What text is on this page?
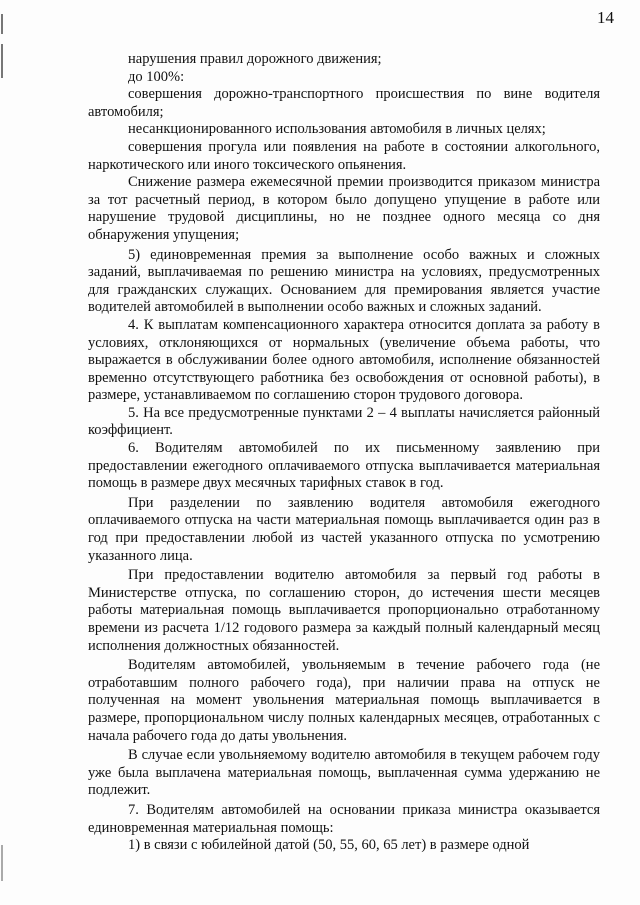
14

нарушения правил дорожного движения;

до 100%:

совершения дорожно-транспортного происшествия по вине водителя автомобиля;

несанкционированного использования автомобиля в личных целях;

совершения прогула или появления на работе в состоянии алкогольного, наркотического или иного токсического опьянения.

Снижение размера ежемесячной премии производится приказом министра за тот расчетный период, в котором было допущено упущение в работе или нарушение трудовой дисциплины, но не позднее одного месяца со дня обнаружения упущения;

5) единовременная премия за выполнение особо важных и сложных заданий, выплачиваемая по решению министра на условиях, предусмотренных для гражданских служащих. Основанием для премирования является участие водителей автомобилей в выполнении особо важных и сложных заданий.

4. К выплатам компенсационного характера относится доплата за работу в условиях, отклоняющихся от нормальных (увеличение объема работы, что выражается в обслуживании более одного автомобиля, исполнение обязанностей временно отсутствующего работника без освобождения от основной работы), в размере, устанавливаемом по соглашению сторон трудового договора.

5. На все предусмотренные пунктами 2 – 4 выплаты начисляется районный коэффициент.

6. Водителям автомобилей по их письменному заявлению при предоставлении ежегодного оплачиваемого отпуска выплачивается материальная помощь в размере двух месячных тарифных ставок в год.

При разделении по заявлению водителя автомобиля ежегодного оплачиваемого отпуска на части материальная помощь выплачивается один раз в год при предоставлении любой из частей указанного отпуска по усмотрению указанного лица.

При предоставлении водителю автомобиля за первый год работы в Министерстве отпуска, по соглашению сторон, до истечения шести месяцев работы материальная помощь выплачивается пропорционально отработанному времени из расчета 1/12 годового размера за каждый полный календарный месяц исполнения должностных обязанностей.

Водителям автомобилей, увольняемым в течение рабочего года (не отработавшим полного рабочего года), при наличии права на отпуск не полученная на момент увольнения материальная помощь выплачивается в размере, пропорциональном числу полных календарных месяцев, отработанных с начала рабочего года до даты увольнения.

В случае если увольняемому водителю автомобиля в текущем рабочем году уже была выплачена материальная помощь, выплаченная сумма удержанию не подлежит.

7. Водителям автомобилей на основании приказа министра оказывается единовременная материальная помощь:

1) в связи с юбилейной датой (50, 55, 60, 65 лет) в размере одной
